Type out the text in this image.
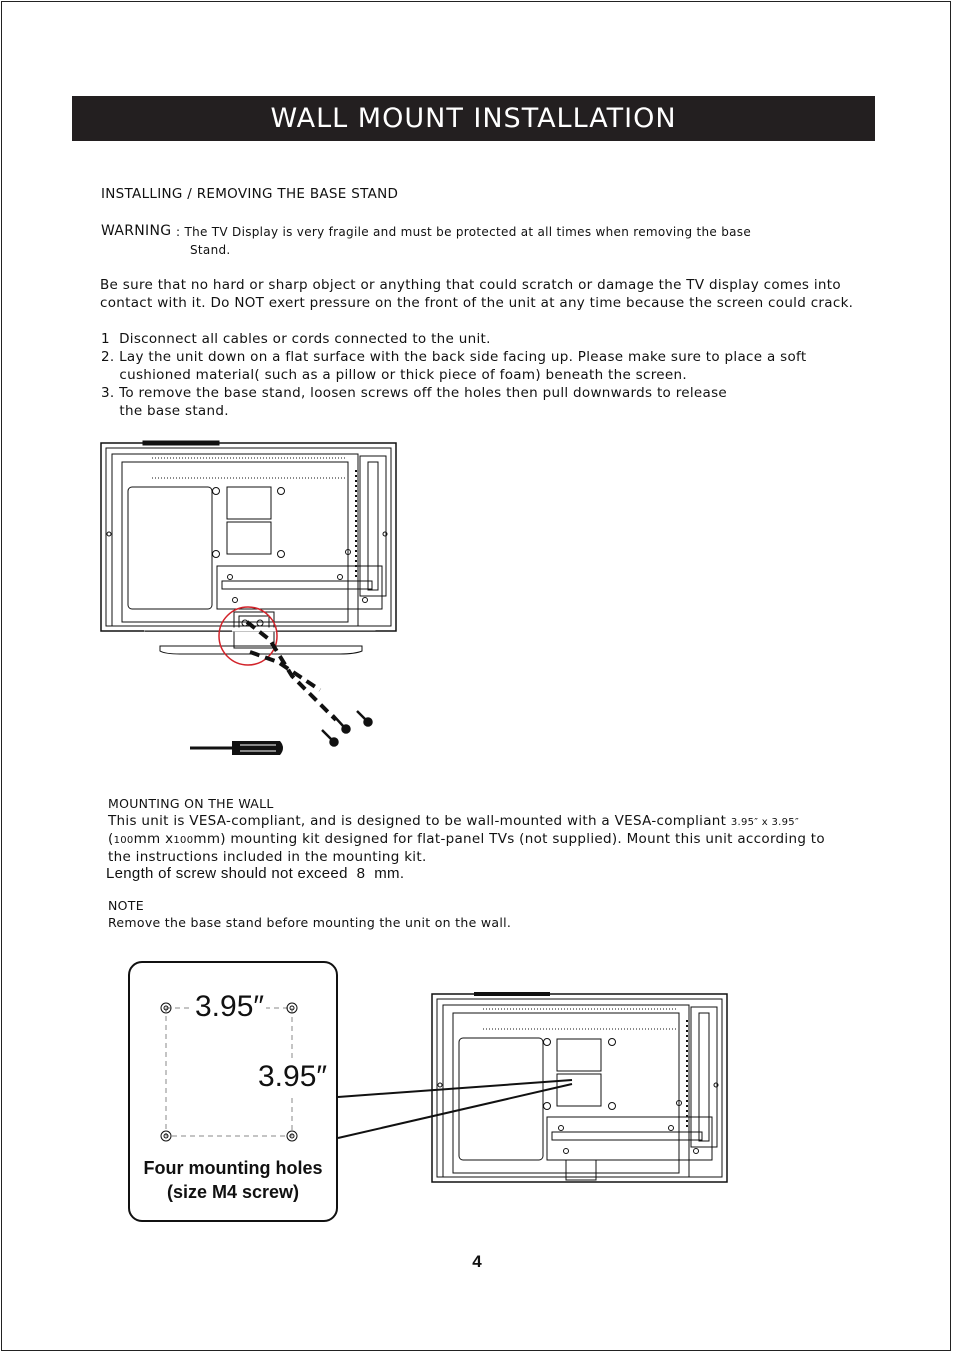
WALL MOUNT INSTALLATION
INSTALLING / REMOVING THE BASE STAND
WARNING : The TV Display is very fragile and must be protected at all times when removing the base
Stand.
Be sure that no hard or sharp object or anything that could scratch or damage the TV display comes into
contact with it. Do NOT exert pressure on the front of the unit at any time because the screen could crack.
1  Disconnect all cables or cords connected to the unit.
2. Lay the unit down on a flat surface with the back side facing up. Please make sure to place a soft
cushioned material( such as a pillow or thick piece of foam) beneath the screen.
3. To remove the base stand, loosen screws off the holes then pull downwards to release
the base stand.
MOUNTING ON THE WALL
This unit is VESA-compliant, and is designed to be wall-mounted with a VESA-compliant 3.95″ x 3.95″
(100mm x100mm) mounting kit designed for flat-panel TVs (not supplied). Mount this unit according to
the instructions included in the mounting kit.
Length of screw should not exceed  8  mm.
NOTE
Remove the base stand before mounting the unit on the wall.
3.95″
3.95″
Four mounting holes
(size M4 screw)
4
